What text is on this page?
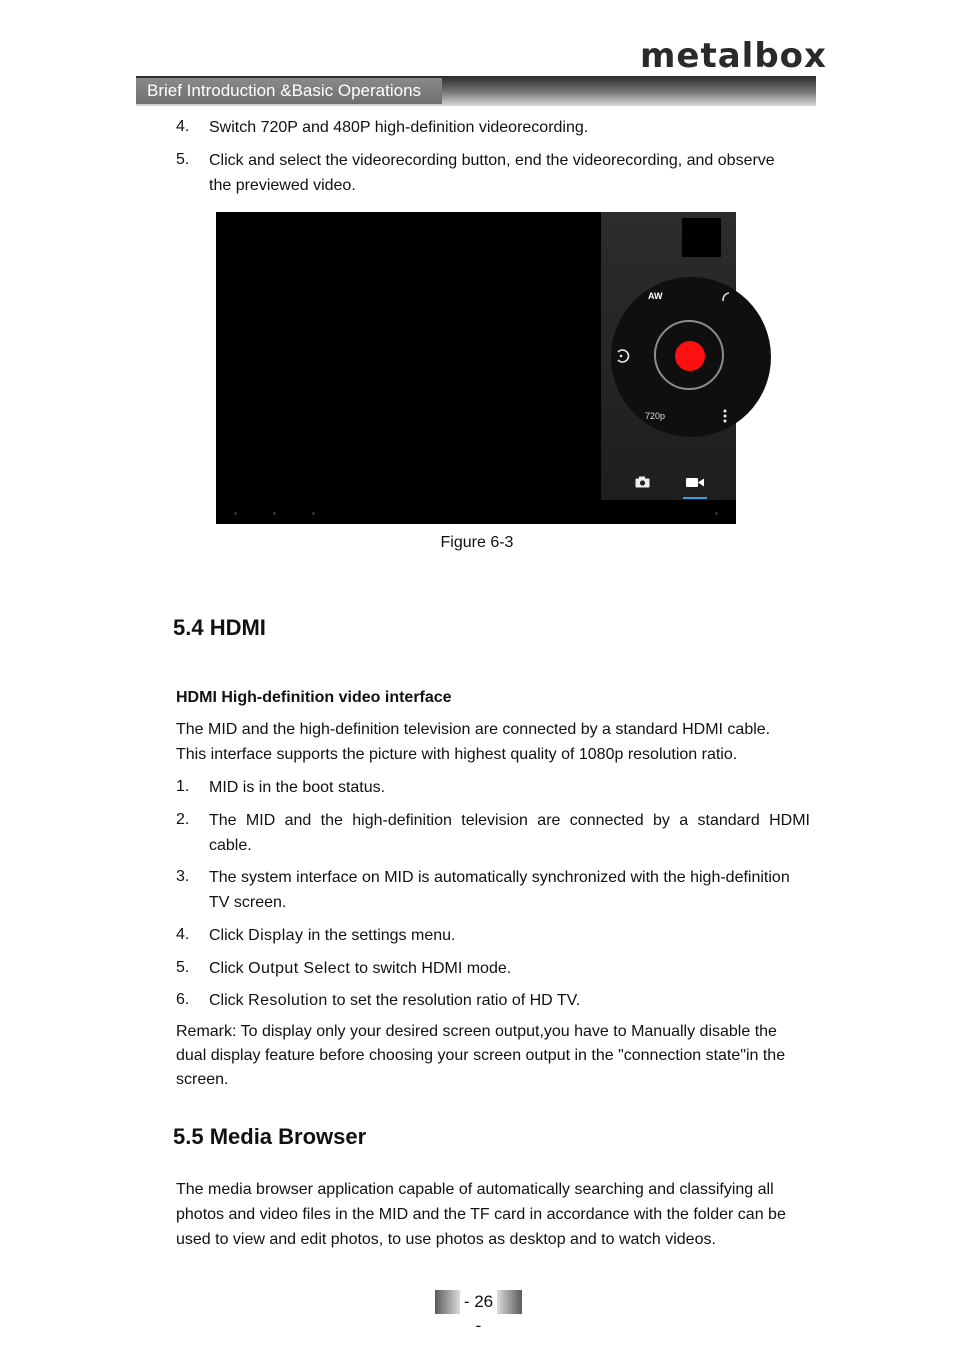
metalbox
Brief Introduction &Basic Operations
4. Switch 720P and 480P high-definition videorecording.
5. Click and select the videorecording button, end the videorecording, and observe
the previewed video.
AW
720p
Figure 6-3
5.4 HDMI
HDMI High-definition video interface
The MID and the high-definition television are connected by a standard HDMI cable.
This interface supports the picture with highest quality of 1080p resolution ratio.
1. MID is in the boot status.
2. The MID and the high-definition television are connected by a standard HDMI
cable.
3. The system interface on MID is automatically synchronized with the high-definition
TV screen.
4. Click Display in the settings menu.
5. Click Output Select to switch HDMI mode.
6. Click Resolution to set the resolution ratio of HD TV.
Remark: To display only your desired screen output,you have to Manually disable the
dual display feature before choosing your screen output in the "connection state"in the
screen.
5.5 Media Browser
The media browser application capable of automatically searching and classifying all
photos and video files in the MID and the TF card in accordance with the folder can be
used to view and edit photos, to use photos as desktop and to watch videos.
- 26 -
